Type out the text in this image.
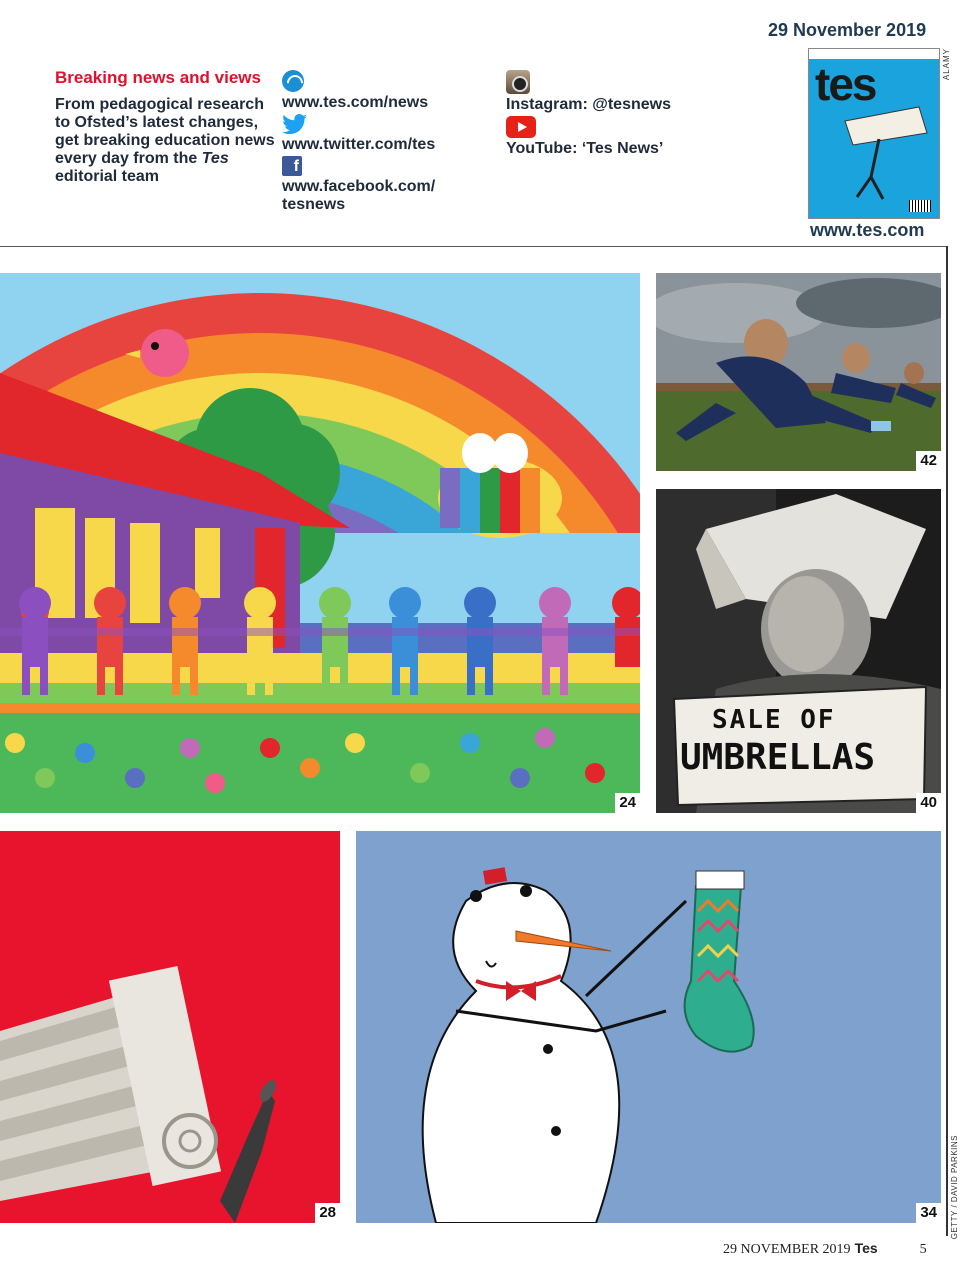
29 November 2019
tes	ALAMY
www.tes.com
Breaking news and views
From pedagogical research to Ofsted’s latest changes, get breaking education news every day from the Tes editorial team
www.tes.com/news
www.twitter.com/tes
f
www.facebook.com/
tesnews
Instagram: @tesnews
YouTube: ‘Tes News’
GETTY / DAVID PARKINS
24
42
SALE OF
UMBRELLAS
40
28	34
29 NOVEMBER 2019 Tes	5
